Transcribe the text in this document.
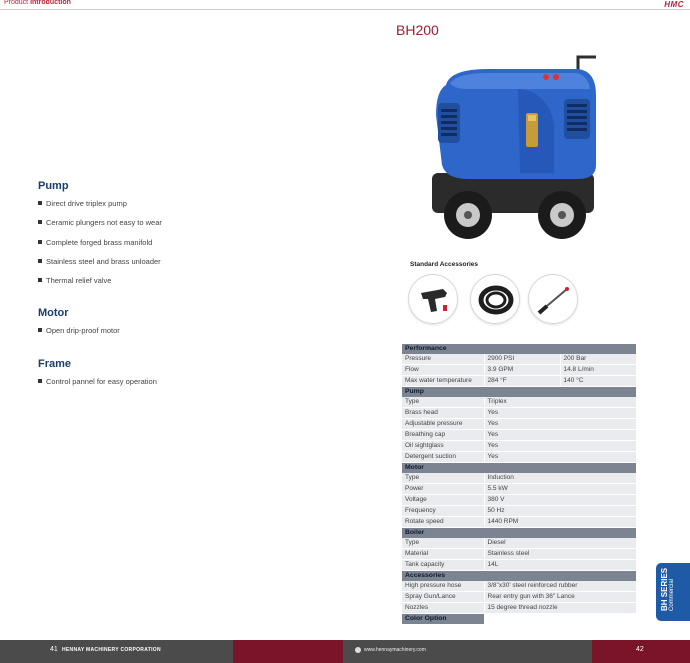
Product Introduction	HMC
BH200
Pump
Direct drive triplex pump
Ceramic plungers not easy to wear
Complete forged brass manifold
Stainless steel and brass unloader
Thermal relief valve
Motor
Open drip-proof motor
Frame
Control pannel for easy operation
Standard Accessories
Performance		
Pressure	2900 PSI	200 Bar
Flow	3.9 GPM	14.8 L/min
Max water temperature	284 °F	140 °C
Pump		
Type	Triplex	
Brass head	Yes	
Adjustable pressure	Yes	
Breathing cap	Yes	
Oil sightglass	Yes	
Detergent suction	Yes	
Motor		
Type	Induction	
Power	5.5 kW	
Voltage	380 V	
Frequency	50 Hz	
Rotate speed	1440 RPM	
Boiler		
Type	Diesel	
Material	Stainless steel	
Tank capacity	14L	
Accessories		
High pressure hose	3/8"x30' steel reinforced rubber	
Spray Gun/Lance	Rear entry gun with 36" Lance	
Nozzles	15 degree thread nozzle	
Color Option		
BH SERIES Commercial
41 HENNAY MACHINERY CORPORATION	www.hennaymachinery.com	42
